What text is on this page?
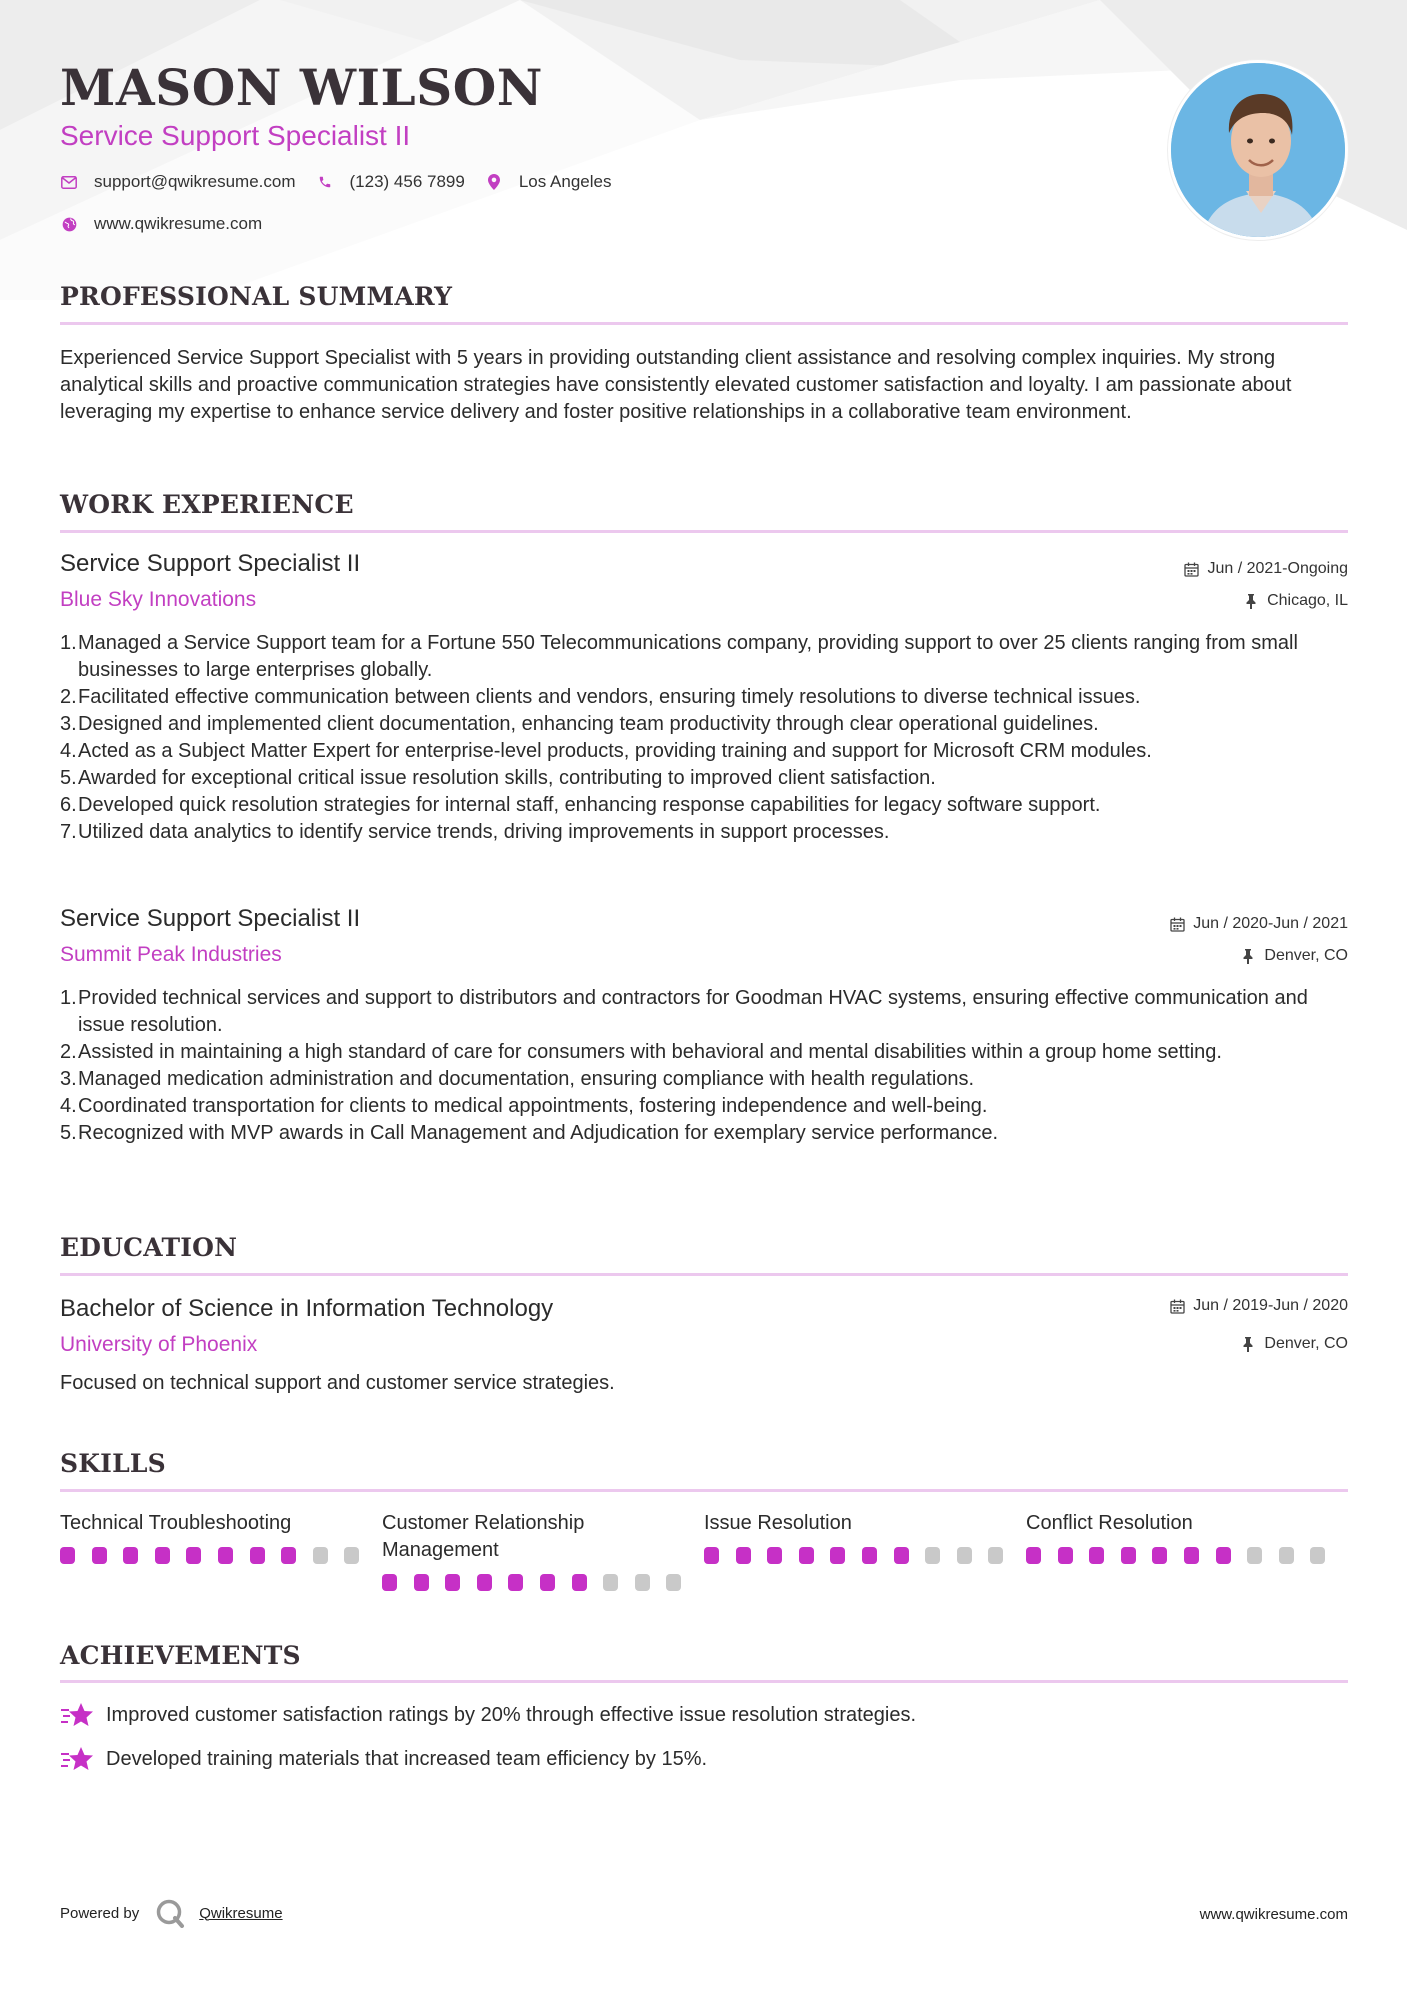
MASON WILSON
Service Support Specialist II
support@qwikresume.com	(123) 456 7899	Los Angeles
www.qwikresume.com
PROFESSIONAL SUMMARY
Experienced Service Support Specialist with 5 years in providing outstanding client assistance and resolving complex inquiries. My strong analytical skills and proactive communication strategies have consistently elevated customer satisfaction and loyalty. I am passionate about leveraging my expertise to enhance service delivery and foster positive relationships in a collaborative team environment.
WORK EXPERIENCE
Service Support Specialist II	Jun / 2021-Ongoing
Blue Sky Innovations	Chicago, IL
Managed a Service Support team for a Fortune 550 Telecommunications company, providing support to over 25 clients ranging from small businesses to large enterprises globally.
Facilitated effective communication between clients and vendors, ensuring timely resolutions to diverse technical issues.
Designed and implemented client documentation, enhancing team productivity through clear operational guidelines.
Acted as a Subject Matter Expert for enterprise-level products, providing training and support for Microsoft CRM modules.
Awarded for exceptional critical issue resolution skills, contributing to improved client satisfaction.
Developed quick resolution strategies for internal staff, enhancing response capabilities for legacy software support.
Utilized data analytics to identify service trends, driving improvements in support processes.
Service Support Specialist II	Jun / 2020-Jun / 2021
Summit Peak Industries	Denver, CO
Provided technical services and support to distributors and contractors for Goodman HVAC systems, ensuring effective communication and issue resolution.
Assisted in maintaining a high standard of care for consumers with behavioral and mental disabilities within a group home setting.
Managed medication administration and documentation, ensuring compliance with health regulations.
Coordinated transportation for clients to medical appointments, fostering independence and well-being.
Recognized with MVP awards in Call Management and Adjudication for exemplary service performance.
EDUCATION
Bachelor of Science in Information Technology	Jun / 2019-Jun / 2020
University of Phoenix	Denver, CO
Focused on technical support and customer service strategies.
SKILLS
Technical Troubleshooting	Customer Relationship Management
Issue Resolution	Conflict Resolution
ACHIEVEMENTS
Improved customer satisfaction ratings by 20% through effective issue resolution strategies.
Developed training materials that increased team efficiency by 15%.
Powered by	Qwikresume	www.qwikresume.com
